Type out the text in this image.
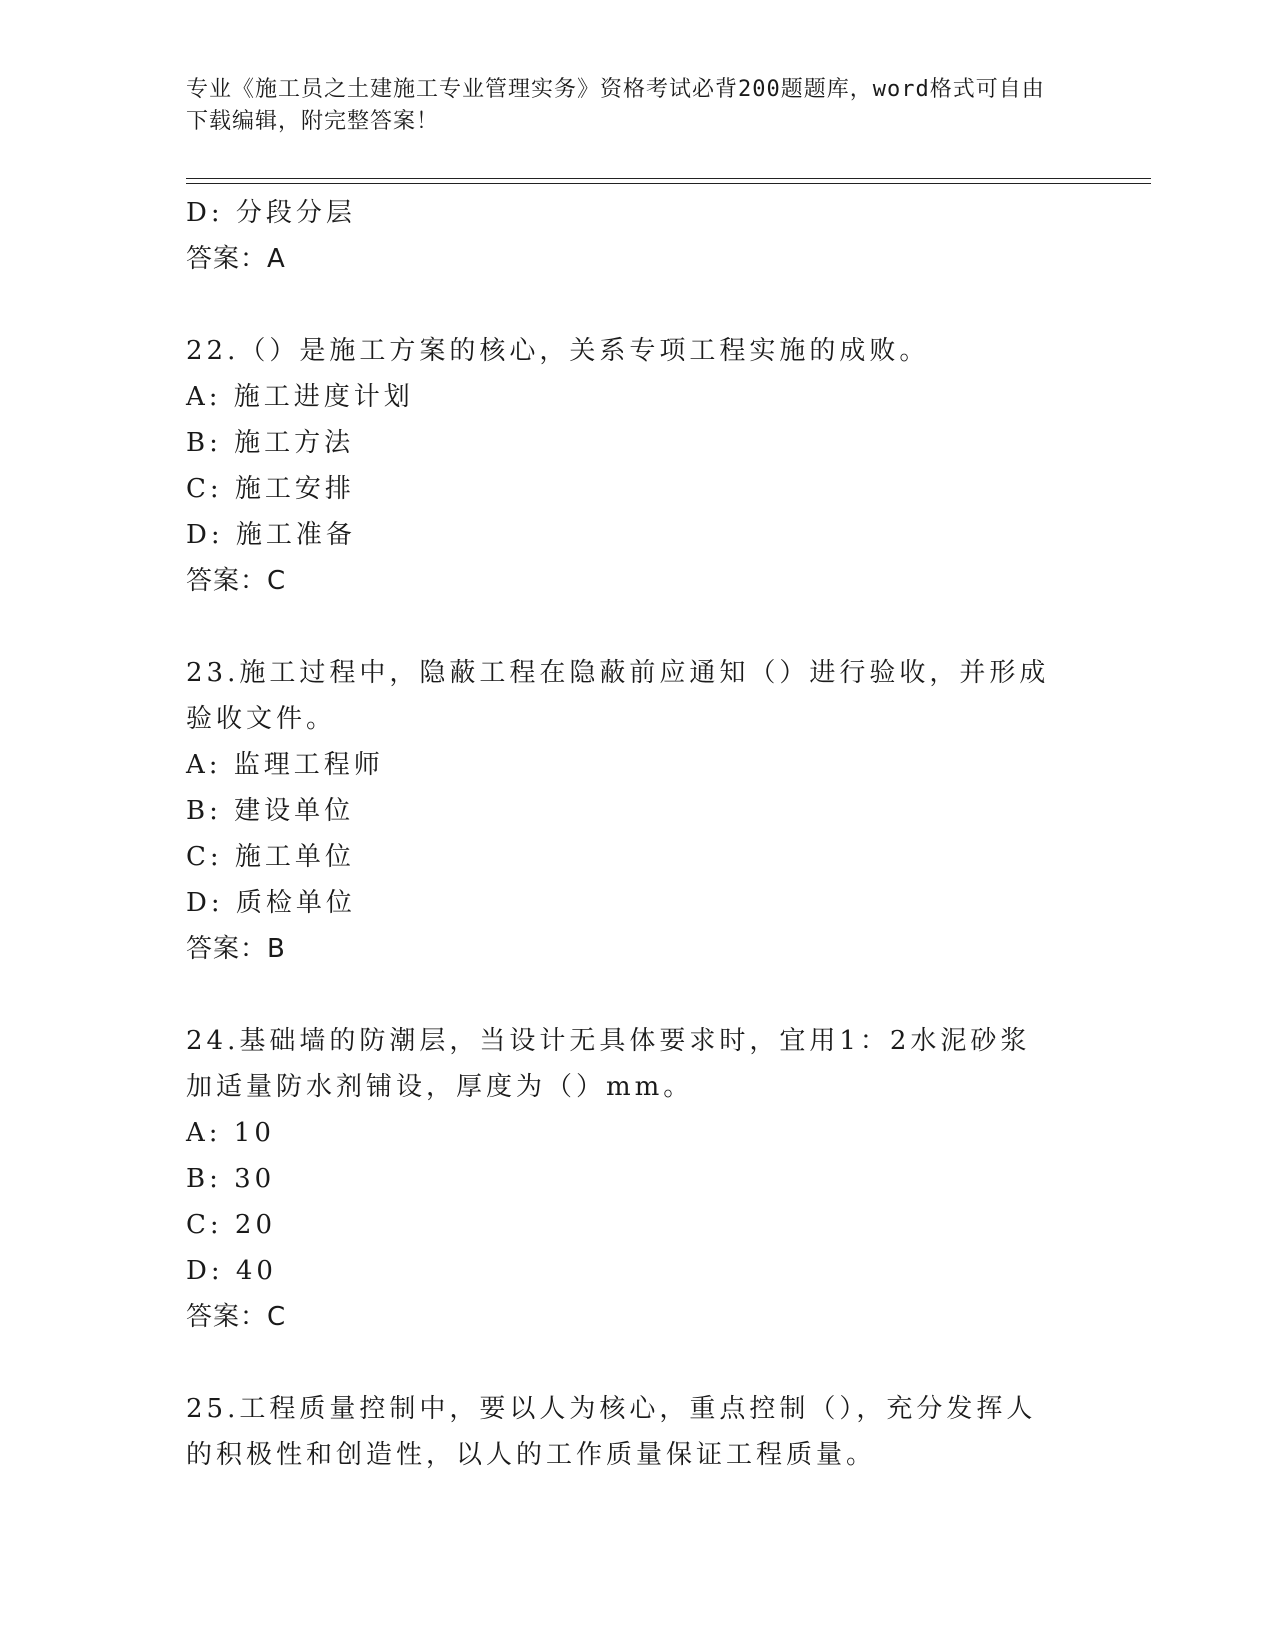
专业《施工员之土建施工专业管理实务》资格考试必背200题题库，word格式可自由下载编辑，附完整答案！
D: 分段分层
答案：A
22.（）是施工方案的核心，关系专项工程实施的成败。
A: 施工进度计划
B: 施工方法
C: 施工安排
D: 施工准备
答案：C
23.施工过程中，隐蔽工程在隐蔽前应通知（）进行验收，并形成验收文件。
A: 监理工程师
B: 建设单位
C: 施工单位
D: 质检单位
答案：B
24.基础墙的防潮层，当设计无具体要求时，宜用1：2水泥砂浆加适量防水剂铺设，厚度为（）mm。
A: 10
B: 30
C: 20
D: 40
答案：C
25.工程质量控制中，要以人为核心，重点控制（），充分发挥人的积极性和创造性，以人的工作质量保证工程质量。
